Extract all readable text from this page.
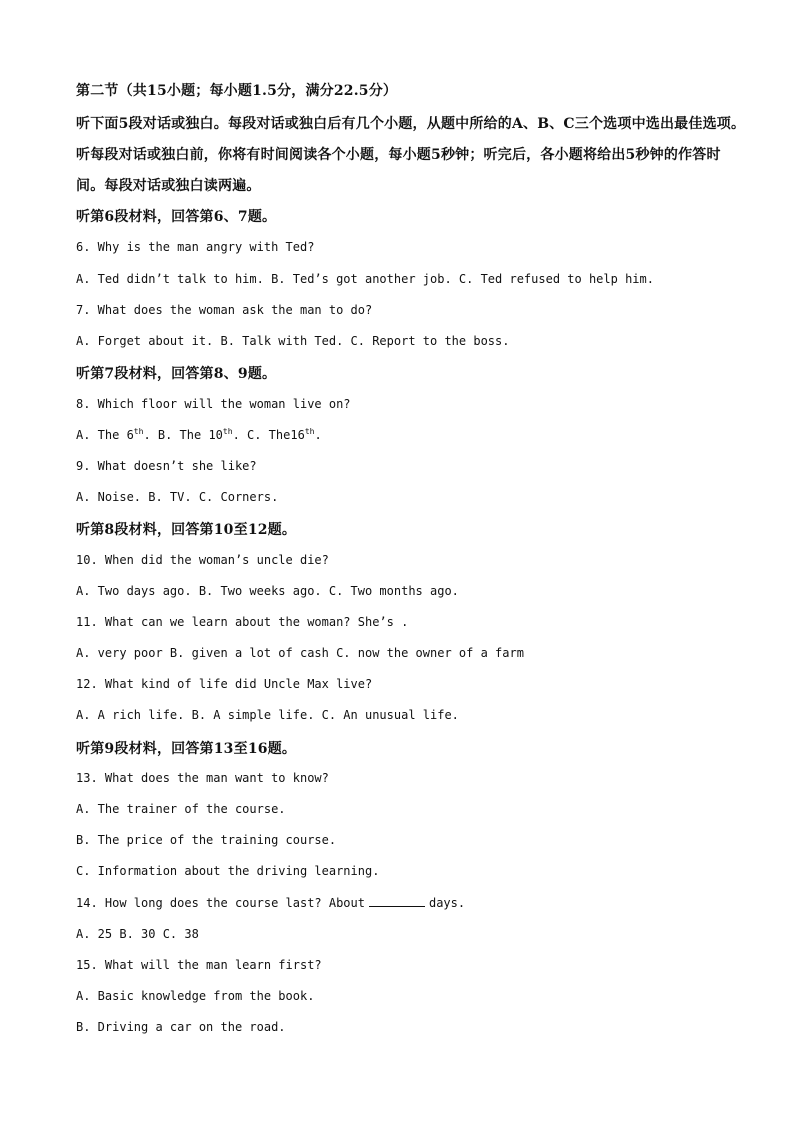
第二节（共15小题；每小题1.5分，满分22.5分）
听下面5段对话或独白。每段对话或独白后有几个小题，从题中所给的A、B、C三个选项中选出最佳选项。
听每段对话或独白前，你将有时间阅读各个小题，每小题5秒钟；听完后，各小题将给出5秒钟的作答时
间。每段对话或独白读两遍。
听第6段材料，回答第6、7题。
6. Why is the man angry with Ted?
A. Ted didn’t talk to him. B. Ted’s got another job. C. Ted refused to help him.
7. What does the woman ask the man to do?
A. Forget about it. B. Talk with Ted. C. Report to the boss.
听第7段材料，回答第8、9题。
8. Which floor will the woman live on?
A. The 6th. B. The 10th. C. The16th.
9. What doesn’t she like?
A. Noise. B. TV. C. Corners.
听第8段材料，回答第10至12题。
10. When did the woman’s uncle die?
A. Two days ago. B. Two weeks ago. C. Two months ago.
11. What can we learn about the woman? She’s .
A. very poor B. given a lot of cash C. now the owner of a farm
12. What kind of life did Uncle Max live?
A. A rich life. B. A simple life. C. An unusual life.
听第9段材料，回答第13至16题。
13. What does the man want to know?
A. The trainer of the course.
B. The price of the training course.
C. Information about the driving learning.
14. How long does the course last? About	days.
A. 25 B. 30 C. 38
15. What will the man learn first?
A. Basic knowledge from the book.
B. Driving a car on the road.
